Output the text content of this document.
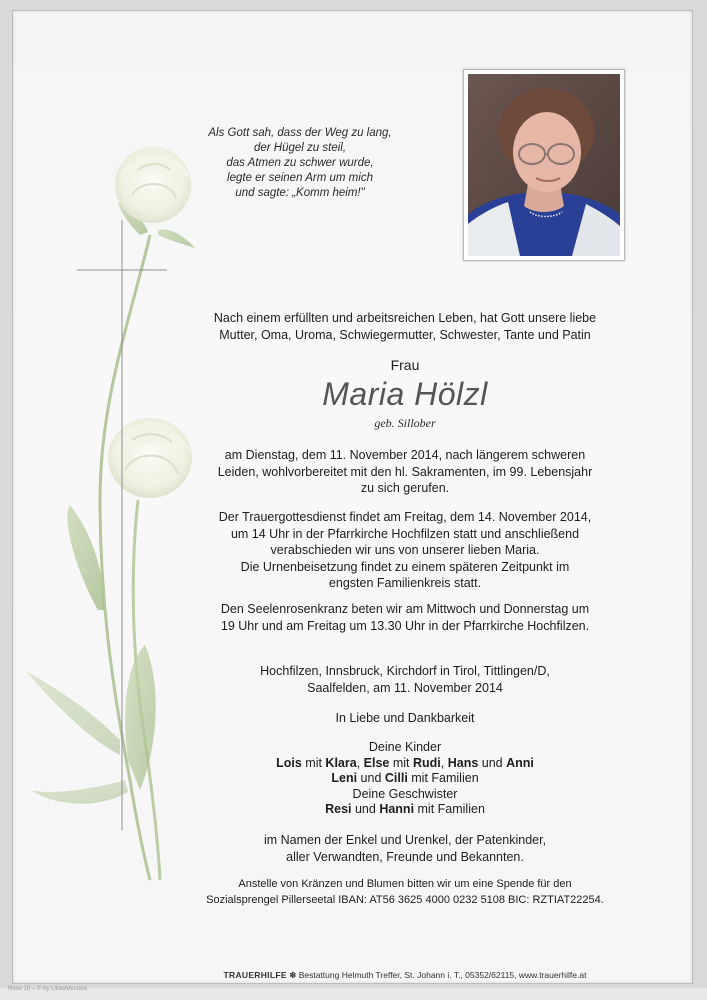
Als Gott sah, dass der Weg zu lang,
der Hügel zu steil,
das Atmen zu schwer wurde,
legte er seinen Arm um mich
und sagte: „Komm heim!"
Nach einem erfüllten und arbeitsreichen Leben, hat Gott unsere liebe
Mutter, Oma, Uroma, Schwiegermutter, Schwester, Tante und Patin
Frau
Maria Hölzl
geb. Sillober
am Dienstag, dem 11. November 2014, nach längerem schweren
Leiden, wohlvorbereitet mit den hl. Sakramenten, im 99. Lebensjahr
zu sich gerufen.
Der Trauergottesdienst findet am Freitag, dem 14. November 2014,
um 14 Uhr in der Pfarrkirche Hochfilzen statt und anschließend
verabschieden wir uns von unserer lieben Maria.
Die Urnenbeisetzung findet zu einem späteren Zeitpunkt im
engsten Familienkreis statt.
Den Seelenrosenkranz beten wir am Mittwoch und Donnerstag um
19 Uhr und am Freitag um 13.30 Uhr in der Pfarrkirche Hochfilzen.
Hochfilzen, Innsbruck, Kirchdorf in Tirol, Tittlingen/D,
Saalfelden, am 11. November 2014
In Liebe und Dankbarkeit
Deine Kinder
Lois mit Klara, Else mit Rudi, Hans und Anni
Leni und Cilli mit Familien
Deine Geschwister
Resi und Hanni mit Familien
im Namen der Enkel und Urenkel, der Patenkinder,
aller Verwandten, Freunde und Bekannten.
Anstelle von Kränzen und Blumen bitten wir um eine Spende für den
Sozialsprengel Pillerseetal IBAN: AT56 3625 4000 0232 5108 BIC: RZTIAT22254.
TRAUERHILFE ✽ Bestattung Helmuth Treffer, St. Johann i. T., 05352/62115, www.trauerhilfe.at
Rose 10 – © by LiliashAustria
